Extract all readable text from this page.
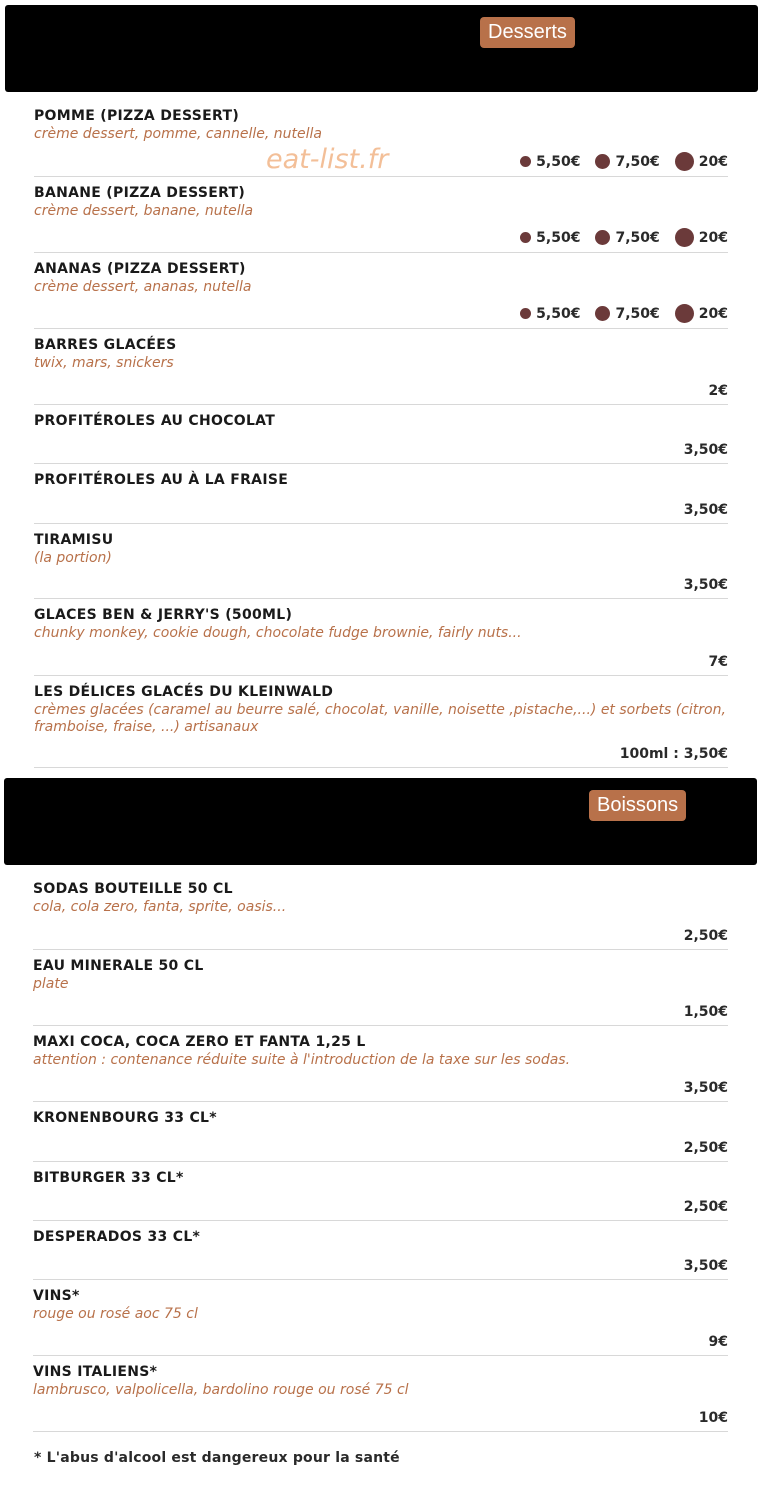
Desserts
POMME (PIZZA DESSERT)
crème dessert, pomme, cannelle, nutella
5,50€	7,50€	20€
BANANE (PIZZA DESSERT)
crème dessert, banane, nutella
5,50€	7,50€	20€
ANANAS (PIZZA DESSERT)
crème dessert, ananas, nutella
5,50€	7,50€	20€
BARRES GLACÉES
twix, mars, snickers
2€
PROFITÉROLES AU CHOCOLAT
3,50€
PROFITÉROLES AU À LA FRAISE
3,50€
TIRAMISU
(la portion)
3,50€
GLACES BEN & JERRY'S (500ML)
chunky monkey, cookie dough, chocolate fudge brownie, fairly nuts...
7€
LES DÉLICES GLACÉS DU KLEINWALD
crèmes glacées (caramel au beurre salé, chocolat, vanille, noisette ,pistache,...) et sorbets (citron, framboise, fraise, ...) artisanaux
100ml : 3,50€
eat-list.fr
Boissons
SODAS BOUTEILLE 50 CL
cola, cola zero, fanta, sprite, oasis...
2,50€
EAU MINERALE 50 CL
plate
1,50€
MAXI COCA, COCA ZERO ET FANTA 1,25 L
attention : contenance réduite suite à l'introduction de la taxe sur les sodas.
3,50€
KRONENBOURG 33 CL*
2,50€
BITBURGER 33 CL*
2,50€
DESPERADOS 33 CL*
3,50€
VINS*
rouge ou rosé aoc 75 cl
9€
VINS ITALIENS*
lambrusco, valpolicella, bardolino rouge ou rosé 75 cl
10€
* L'abus d'alcool est dangereux pour la santé
